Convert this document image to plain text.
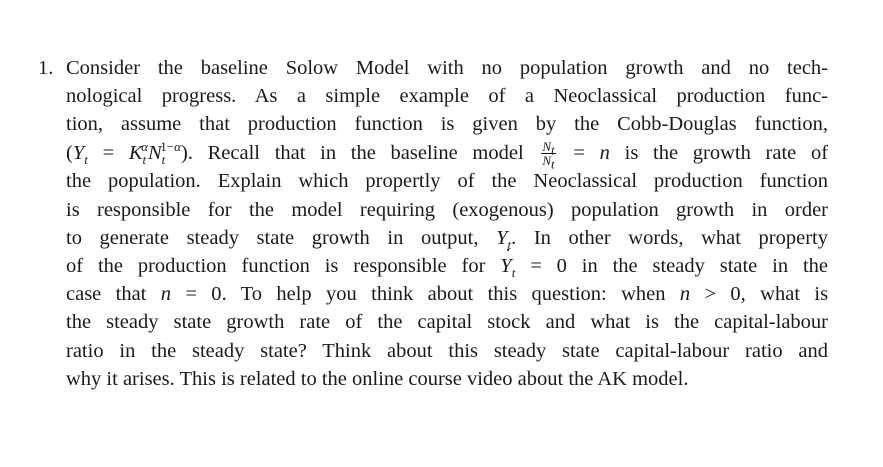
1. Consider the baseline Solow Model with no population growth and no tech-
nological progress. As a simple example of a Neoclassical production func-
tion, assume that production function is given by the Cobb-Douglas function,
$(Y_t = K_t^\alpha N_t^{1-\alpha})$. Recall that in the baseline model ˙ $\frac{N_t}{N_t} = n$ is the growth rate of
the population. Explain which propertly of the Neoclassical production function
is responsible for the model requiring (exogenous) population growth in order
to generate steady state growth in output, $Y_t$. In other words, what property
of the production function is responsible for ˙ $Y_t = 0$ in the steady state in the
case that n = 0. To help you think about this question: when n > 0, what is
the steady state growth rate of the capital stock and what is the capital-labour
ratio in the steady state? Think about this steady state capital-labour ratio and
why it arises. This is related to the online course video about the AK model.
